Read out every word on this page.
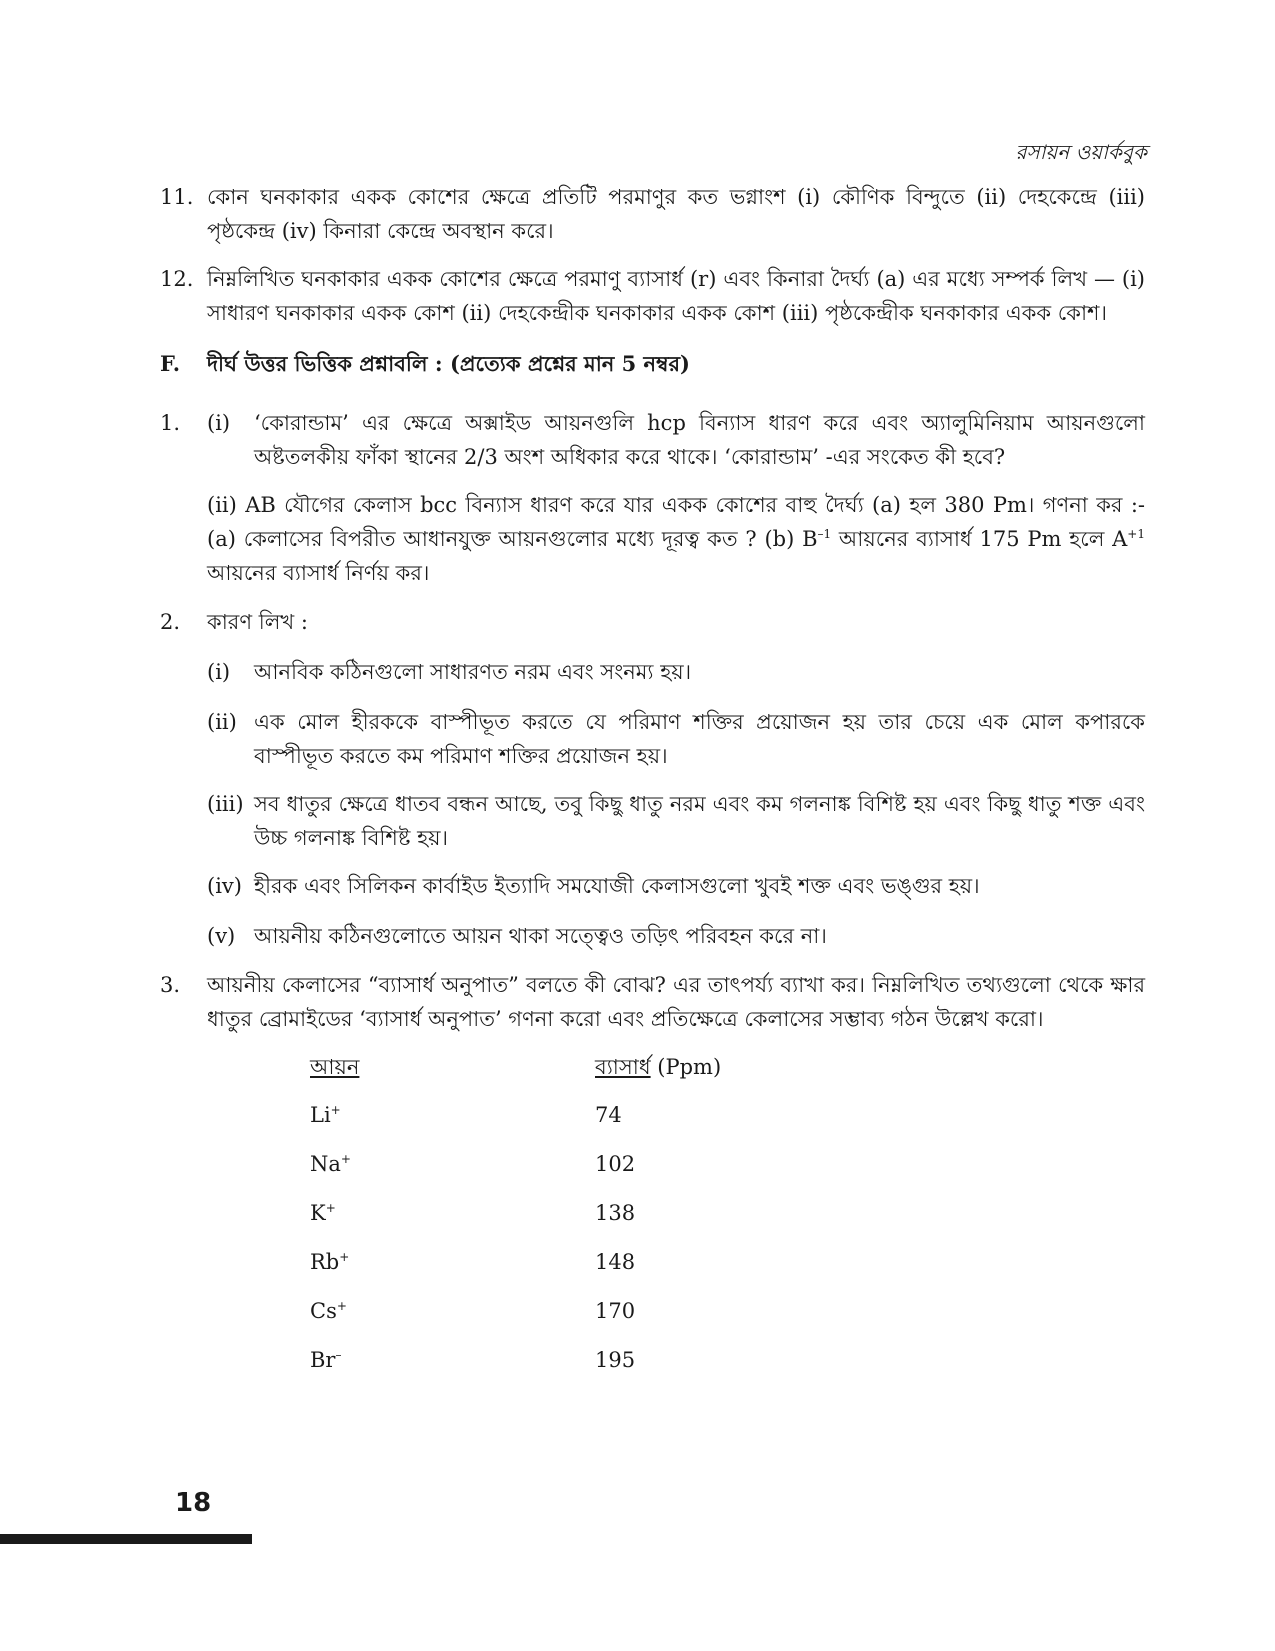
রসায়ন ওয়ার্কবুক
11. কোন ঘনকাকার একক কোশের ক্ষেত্রে প্রতিটি পরমাণুর কত ভগ্নাংশ (i) কৌণিক বিন্দুতে (ii) দেহকেন্দ্রে (iii) পৃষ্ঠকেন্দ্র (iv) কিনারা কেন্দ্রে অবস্থান করে।
12. নিম্নলিখিত ঘনকাকার একক কোশের ক্ষেত্রে পরমাণু ব্যাসার্ধ (r) এবং কিনারা দৈর্ঘ্য (a) এর মধ্যে সম্পর্ক লিখ — (i) সাধারণ ঘনকাকার একক কোশ (ii) দেহকেন্দ্রীক ঘনকাকার একক কোশ (iii) পৃষ্ঠকেন্দ্রীক ঘনকাকার একক কোশ।
F. দীর্ঘ উত্তর ভিত্তিক প্রশ্নাবলি : (প্রত্যেক প্রশ্নের মান 5 নম্বর)
1. (i) ‘কোরান্ডাম’ এর ক্ষেত্রে অক্সাইড আয়নগুলি hcp বিন্যাস ধারণ করে এবং অ্যালুমিনিয়াম আয়নগুলো অষ্টতলকীয় ফাঁকা স্থানের 2/3 অংশ অধিকার করে থাকে। ‘কোরান্ডাম’ -এর সংকেত কী হবে?
(ii) AB যৌগের কেলাস bcc বিন্যাস ধারণ করে যার একক কোশের বাহু দৈর্ঘ্য (a) হল 380 Pm। গণনা কর :- (a) কেলাসের বিপরীত আধানযুক্ত আয়নগুলোর মধ্যে দূরত্ব কত ? (b) $B^{-1}$ আয়নের ব্যাসার্ধ 175 Pm হলে $A^{+1}$ আয়নের ব্যাসার্ধ নির্ণয় কর।
2. কারণ লিখ :
(i) আনবিক কঠিনগুলো সাধারণত নরম এবং সংনম্য হয়।
(ii) এক মোল হীরককে বাস্পীভূত করতে যে পরিমাণ শক্তির প্রয়োজন হয় তার চেয়ে এক মোল কপারকে বাস্পীভূত করতে কম পরিমাণ শক্তির প্রয়োজন হয়।
(iii) সব ধাতুর ক্ষেত্রে ধাতব বন্ধন আছে, তবু কিছু ধাতু নরম এবং কম গলনাঙ্ক বিশিষ্ট হয় এবং কিছু ধাতু শক্ত এবং উচ্চ গলনাঙ্ক বিশিষ্ট হয়।
(iv) হীরক এবং সিলিকন কার্বাইড ইত্যাদি সমযোজী কেলাসগুলো খুবই শক্ত এবং ভঙ্গুর হয়।
(v) আয়নীয় কঠিনগুলোতে আয়ন থাকা সত্ত্বেও তড়িৎ পরিবহন করে না।
3. আয়নীয় কেলাসের “ব্যাসার্ধ অনুপাত” বলতে কী বোঝ? এর তাৎপর্য্য ব্যাখা কর। নিম্নলিখিত তথ্যগুলো থেকে ক্ষার ধাতুর ব্রোমাইডের ‘ব্যাসার্ধ অনুপাত’ গণনা করো এবং প্রতিক্ষেত্রে কেলাসের সম্ভাব্য গঠন উল্লেখ করো।
আয়ন	ব্যাসার্ধ (Ppm)
Li+	74
Na+	102
K+	138
Rb+	148
Cs+	170
Br–	195
18
